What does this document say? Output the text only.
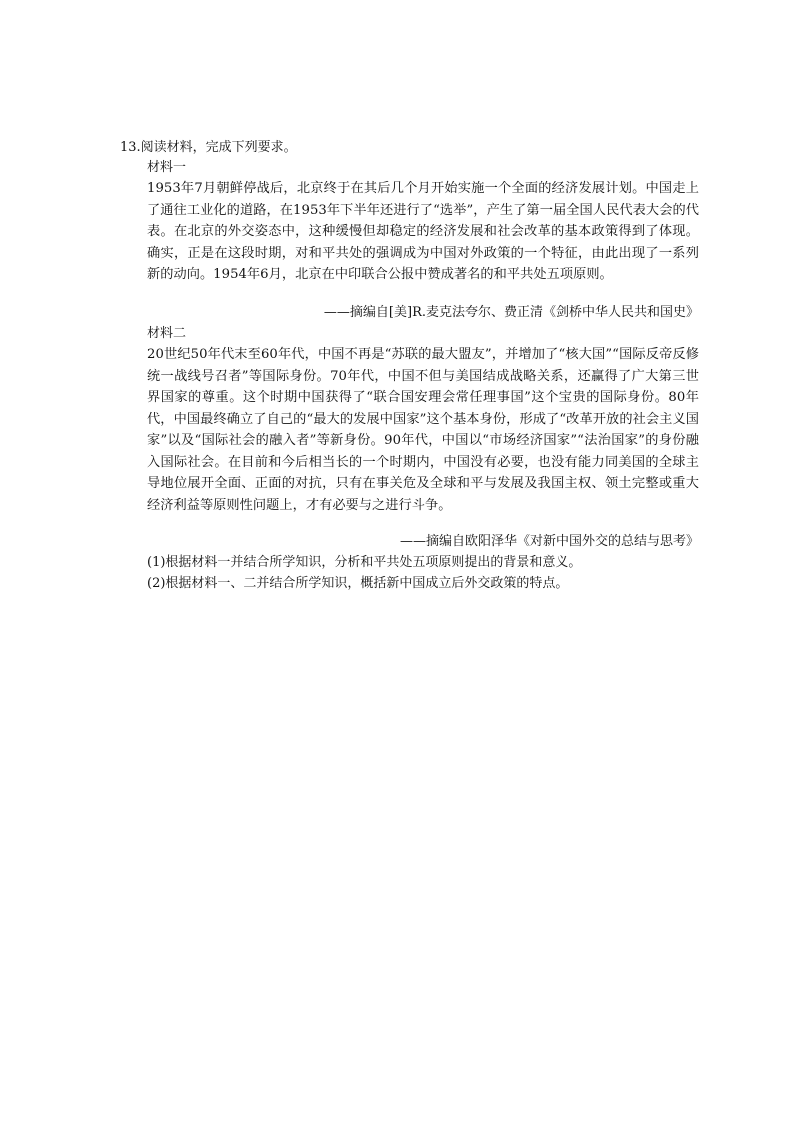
13.阅读材料，完成下列要求。
材料一

1953年7月朝鲜停战后，北京终于在其后几个月开始实施一个全面的经济发展计划。中国走上了通往工业化的道路，在1953年下半年还进行了“选举”，产生了第一届全国人民代表大会的代表。在北京的外交姿态中，这种缓慢但却稳定的经济发展和社会改革的基本政策得到了体现。确实，正是在这段时期，对和平共处的强调成为中国对外政策的一个特征，由此出现了一系列新的动向。1954年6月，北京在中印联合公报中赞成著名的和平共处五项原则。

——摘编自[美]R.麦克法夸尔、费正清《剑桥中华人民共和国史》
材料二

20世纪50年代末至60年代，中国不再是“苏联的最大盟友”，并增加了“核大国”“国际反帝反修统一战线号召者”等国际身份。70年代，中国不但与美国结成战略关系，还赢得了广大第三世界国家的尊重。这个时期中国获得了“联合国安理会常任理事国”这个宝贵的国际身份。80年代，中国最终确立了自己的“最大的发展中国家”这个基本身份，形成了“改革开放的社会主义国家”以及“国际社会的融入者”等新身份。90年代，中国以“市场经济国家”“法治国家”的身份融入国际社会。在目前和今后相当长的一个时期内，中国没有必要，也没有能力同美国的全球主导地位展开全面、正面的对抗，只有在事关危及全球和平与发展及我国主权、领土完整或重大经济利益等原则性问题上，才有必要与之进行斗争。

——摘编自欧阳泽华《对新中国外交的总结与思考》
(1)根据材料一并结合所学知识，分析和平共处五项原则提出的背景和意义。
(2)根据材料一、二并结合所学知识，概括新中国成立后外交政策的特点。
